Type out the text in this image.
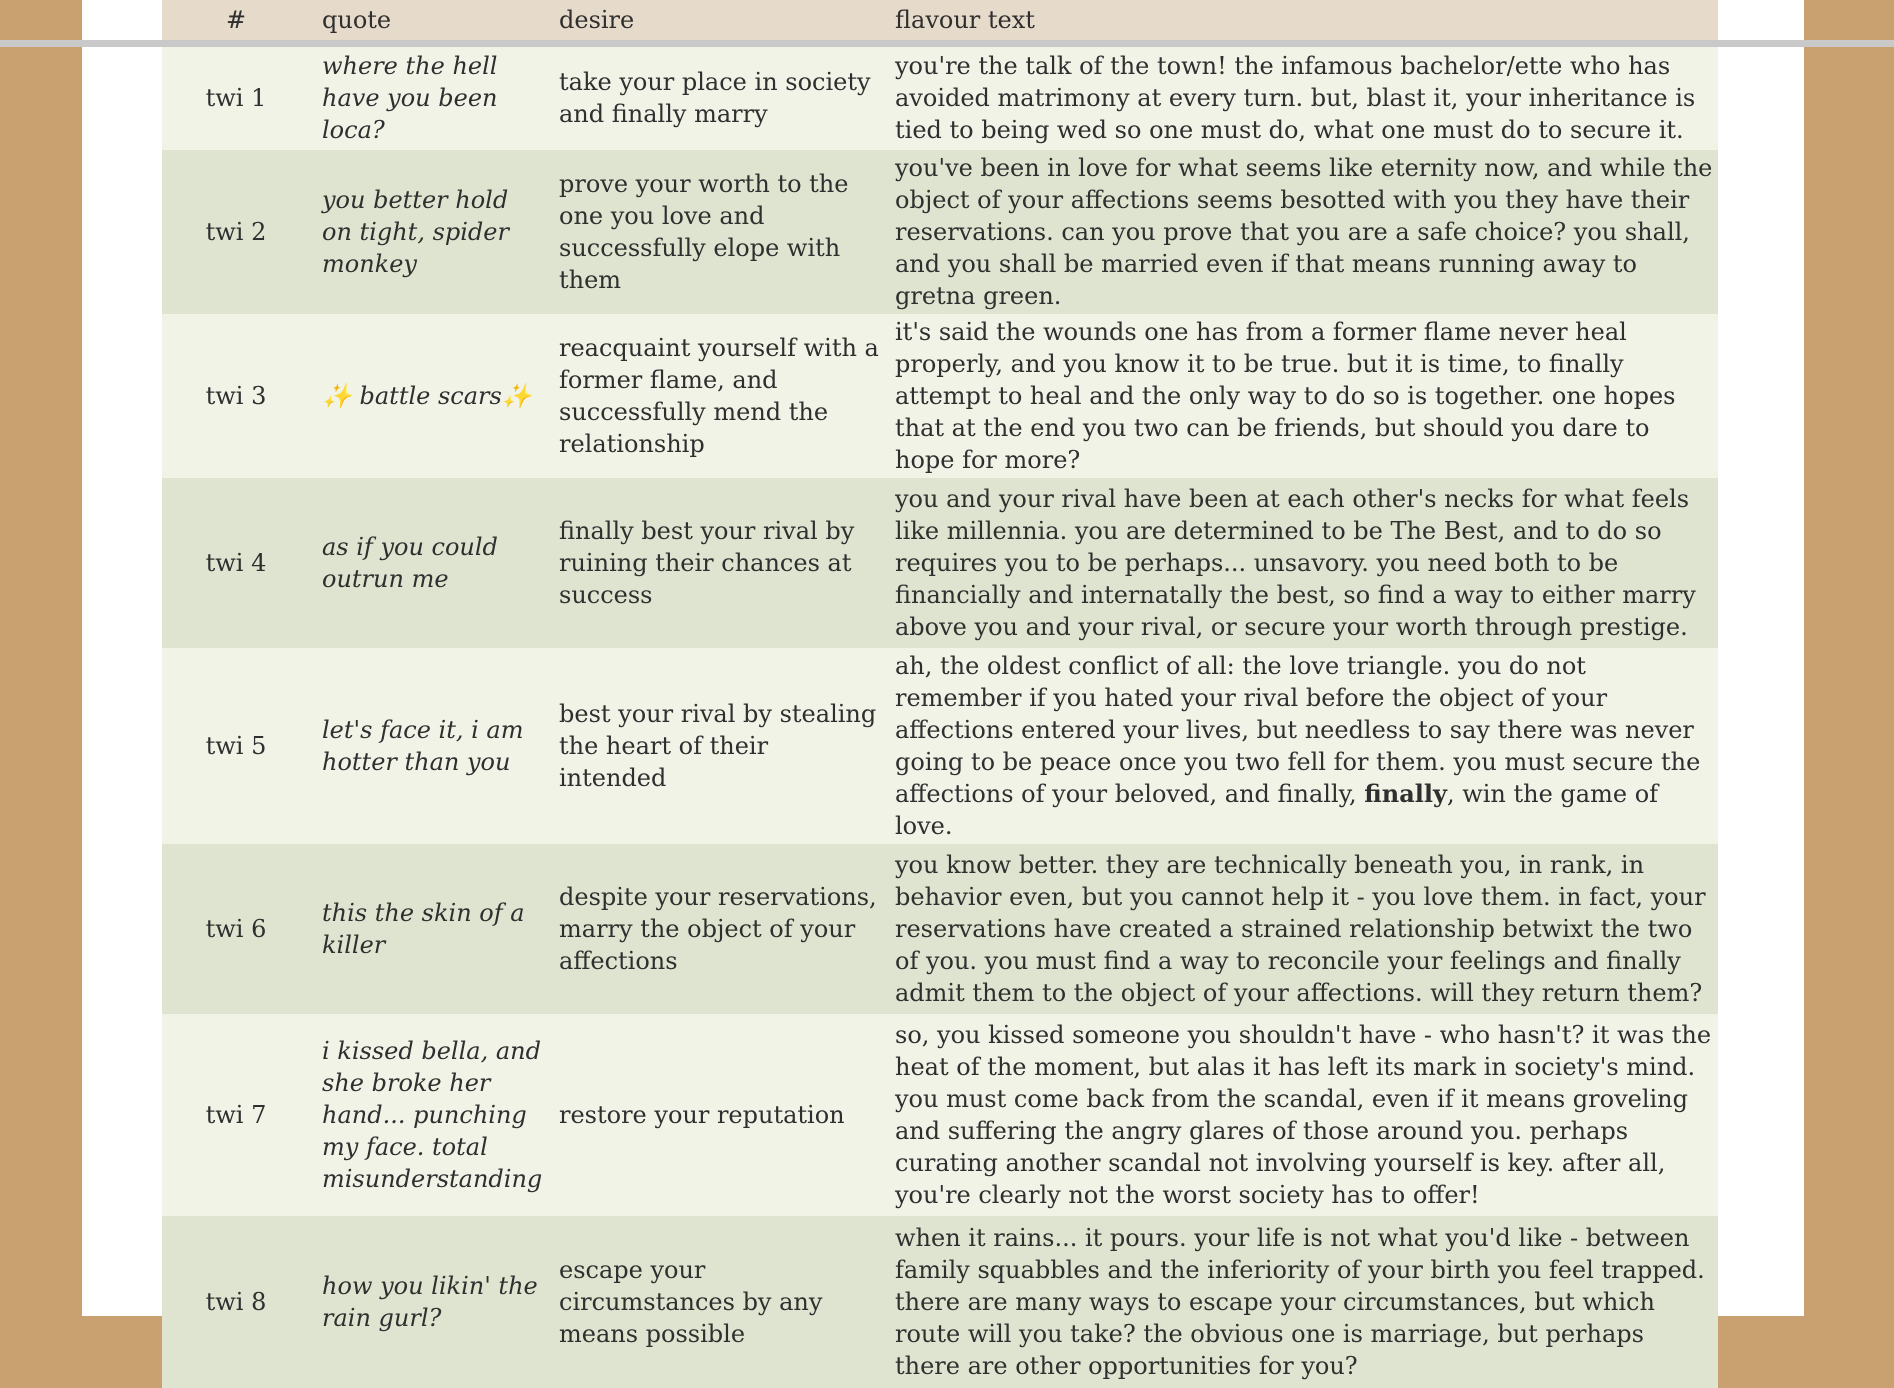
#	quote	desire	flavour text

twi 1	where the hell have you been loca?	take your place in society and finally marry	you're the talk of the town! the infamous bachelor/ette who has avoided matrimony at every turn. but, blast it, your inheritance is tied to being wed so one must do, what one must do to secure it.
twi 2	you better hold on tight, spider monkey	prove your worth to the one you love and successfully elope with them	you've been in love for what seems like eternity now, and while the object of your affections seems besotted with you they have their reservations. can you prove that you are a safe choice? you shall, and you shall be married even if that means running away to gretna green.
twi 3	✨ battle scars✨	reacquaint yourself with a former flame, and successfully mend the relationship	it's said the wounds one has from a former flame never heal properly, and you know it to be true. but it is time, to finally attempt to heal and the only way to do so is together. one hopes that at the end you two can be friends, but should you dare to hope for more?
twi 4	as if you could outrun me	finally best your rival by ruining their chances at success	you and your rival have been at each other's necks for what feels like millennia. you are determined to be The Best, and to do so requires you to be perhaps... unsavory. you need both to be financially and internatally the best, so find a way to either marry above you and your rival, or secure your worth through prestige.
twi 5	let's face it, i am hotter than you	best your rival by stealing the heart of their intended	ah, the oldest conflict of all: the love triangle. you do not remember if you hated your rival before the object of your affections entered your lives, but needless to say there was never going to be peace once you two fell for them. you must secure the affections of your beloved, and finally, finally, win the game of love.
twi 6	this the skin of a killer	despite your reservations, marry the object of your affections	you know better. they are technically beneath you, in rank, in behavior even, but you cannot help it - you love them. in fact, your reservations have created a strained relationship betwixt the two of you. you must find a way to reconcile your feelings and finally admit them to the object of your affections. will they return them?
twi 7	i kissed bella, and she broke her hand... punching my face. total misunderstanding	restore your reputation	so, you kissed someone you shouldn't have - who hasn't? it was the heat of the moment, but alas it has left its mark in society's mind. you must come back from the scandal, even if it means groveling and suffering the angry glares of those around you. perhaps curating another scandal not involving yourself is key. after all, you're clearly not the worst society has to offer!
twi 8	how you likin' the rain gurl?	escape your circumstances by any means possible	when it rains... it pours. your life is not what you'd like - between family squabbles and the inferiority of your birth you feel trapped. there are many ways to escape your circumstances, but which route will you take? the obvious one is marriage, but perhaps there are other opportunities for you?
